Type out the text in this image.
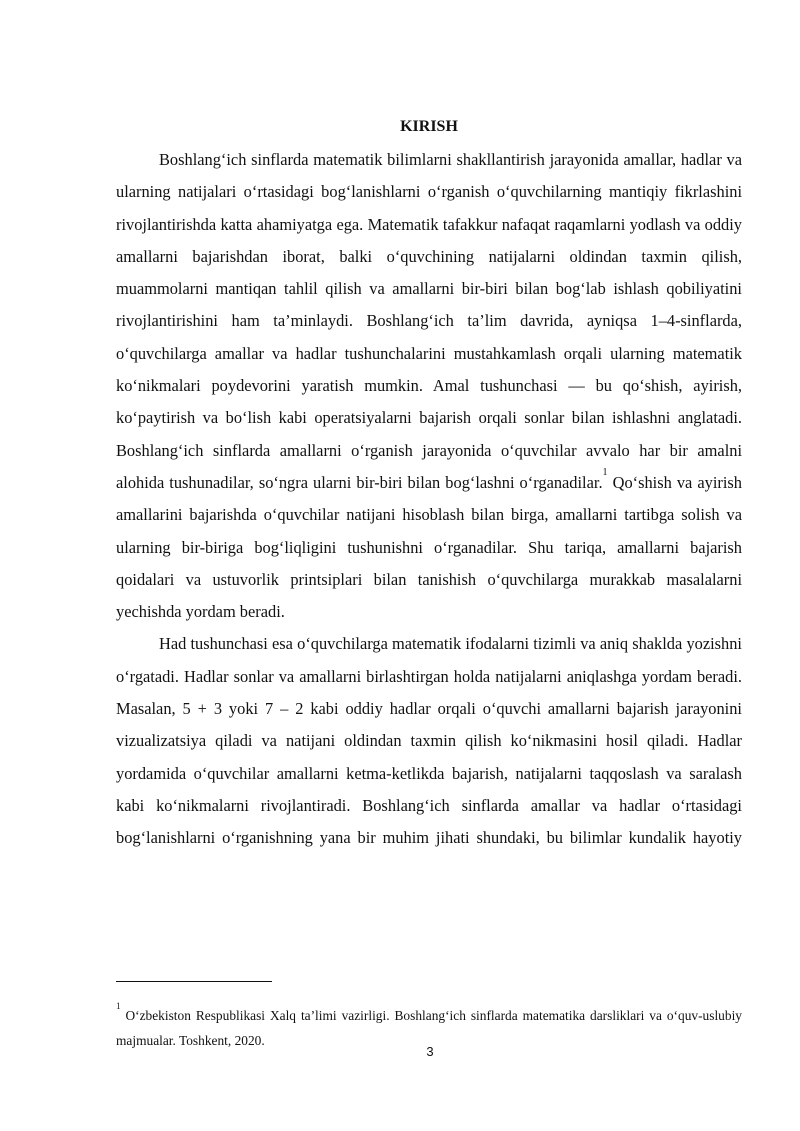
KIRISH

Boshlang‘ich sinflarda matematik bilimlarni shakllantirish jarayonida amallar, hadlar va ularning natijalari o‘rtasidagi bog‘lanishlarni o‘rganish o‘quvchilarning mantiqiy fikrlashini rivojlantirishda katta ahamiyatga ega. Matematik tafakkur nafaqat raqamlarni yodlash va oddiy amallarni bajarishdan iborat, balki o‘quvchining natijalarni oldindan taxmin qilish, muammolarni mantiqan tahlil qilish va amallarni bir-biri bilan bog‘lab ishlash qobiliyatini rivojlantirishini ham ta’minlaydi. Boshlang‘ich ta’lim davrida, ayniqsa 1–4-sinflarda, o‘quvchilarga amallar va hadlar tushunchalarini mustahkamlash orqali ularning matematik ko‘nikmalari poydevorini yaratish mumkin. Amal tushunchasi — bu qo‘shish, ayirish, ko‘paytirish va bo‘lish kabi operatsiyalarni bajarish orqali sonlar bilan ishlashni anglatadi. Boshlang‘ich sinflarda amallarni o‘rganish jarayonida o‘quvchilar avvalo har bir amalni alohida tushunadilar, so‘ngra ularni bir-biri bilan bog‘lashni o‘rganadilar.$^1$ Qo‘shish va ayirish amallarini bajarishda o‘quvchilar natijani hisoblash bilan birga, amallarni tartibga solish va ularning bir-biriga bog‘liqligini tushunishni o‘rganadilar. Shu tariqa, amallarni bajarish qoidalari va ustuvorlik printsiplari bilan tanishish o‘quvchilarga murakkab masalalarni yechishda yordam beradi.

Had tushunchasi esa o‘quvchilarga matematik ifodalarni tizimli va aniq shaklda yozishni o‘rgatadi. Hadlar sonlar va amallarni birlashtirgan holda natijalarni aniqlashga yordam beradi. Masalan, 5 + 3 yoki 7 – 2 kabi oddiy hadlar orqali o‘quvchi amallarni bajarish jarayonini vizualizatsiya qiladi va natijani oldindan taxmin qilish ko‘nikmasini hosil qiladi. Hadlar yordamida o‘quvchilar amallarni ketma-ketlikda bajarish, natijalarni taqqoslash va saralash kabi ko‘nikmalarni rivojlantiradi. Boshlang‘ich sinflarda amallar va hadlar o‘rtasidagi bog‘lanishlarni o‘rganishning yana bir muhim jihati shundaki, bu bilimlar kundalik hayotiy

$^1$ O‘zbekiston Respublikasi Xalq ta’limi vazirligi. Boshlang‘ich sinflarda matematika darsliklari va o‘quv-uslubiy majmualar. Toshkent, 2020.

3
